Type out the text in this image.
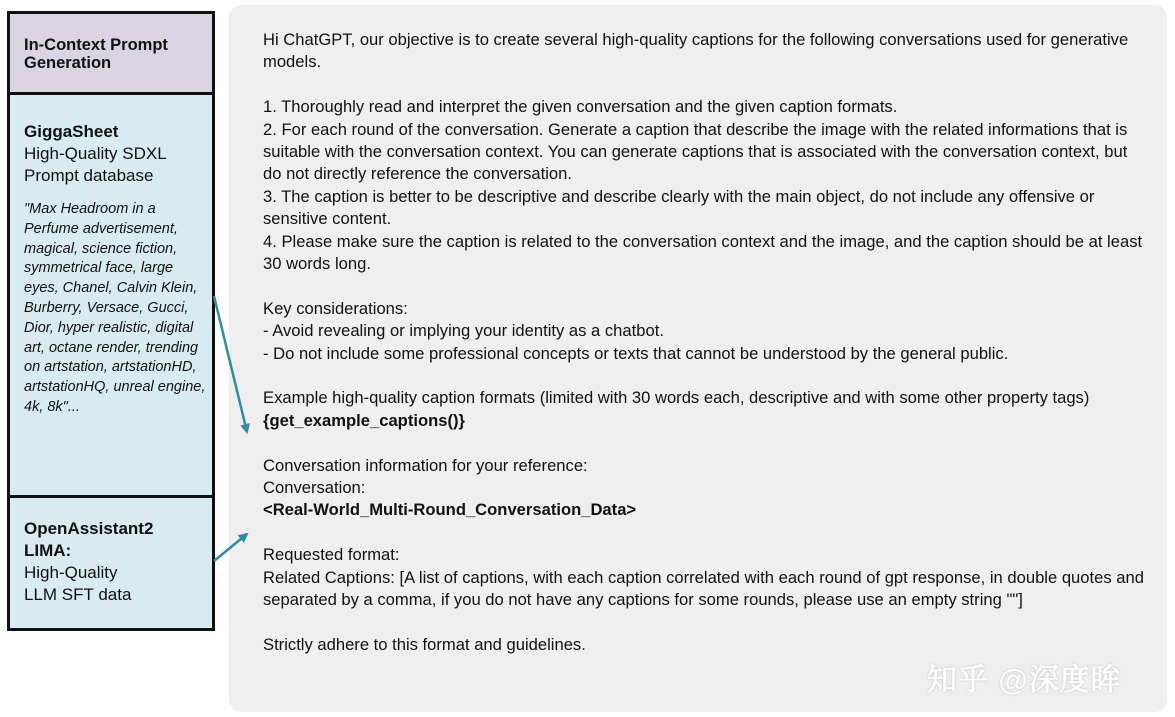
In-Context Prompt Generation
GiggaSheet
High-Quality SDXL
Prompt database
"Max Headroom in a Perfume advertisement, magical, science fiction, symmetrical face, large eyes, Chanel, Calvin Klein, Burberry, Versace, Gucci, Dior, hyper realistic, digital art, octane render, trending on artstation, artstationHD, artstationHQ, unreal engine, 4k, 8k"...
OpenAssistant2
LIMA:
High-Quality
LLM SFT data

Hi ChatGPT, our objective is to create several high-quality captions for the following conversations used for generative models.

1. Thoroughly read and interpret the given conversation and the given caption formats.

2. For each round of the conversation. Generate a caption that describe the image with the related informations that is suitable with the conversation context. You can generate captions that is associated with the conversation context, but do not directly reference the conversation.

3. The caption is better to be descriptive and describe clearly with the main object, do not include any offensive or sensitive content.

4. Please make sure the caption is related to the conversation context and the image, and the caption should be at least 30 words long.

Key considerations:

- Avoid revealing or implying your identity as a chatbot.

- Do not include some professional concepts or texts that cannot be understood by the general public.

Example high-quality caption formats (limited with 30 words each, descriptive and with some other property tags)

{get_example_captions()}

Conversation information for your reference:

Conversation:

<Real-World_Multi-Round_Conversation_Data>

Requested format:

Related Captions: [A list of captions, with each caption correlated with each round of gpt response, in double quotes and separated by a comma, if you do not have any captions for some rounds, please use an empty string ""]

Strictly adhere to this format and guidelines.

知乎 @深度眸
